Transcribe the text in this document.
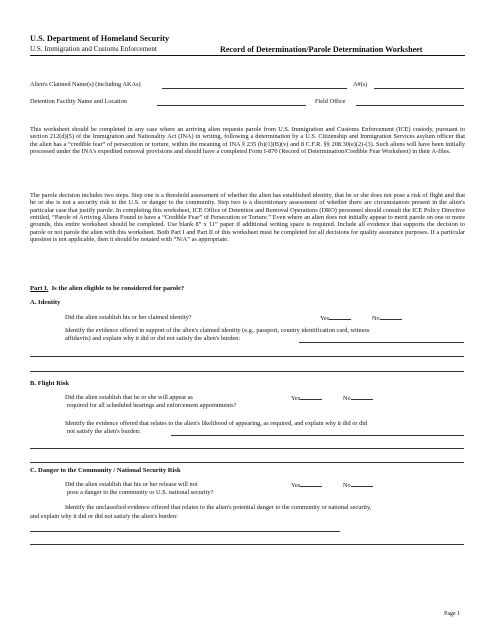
U.S. Department of Homeland Security
U.S. Immigration and Customs Enforcement	Record of Determination/Parole Determination Worksheet
Alien's Claimed Name(s) (including AKAs)	A#(s)
Detention Facility Name and Location	Field Office
This worksheet should be completed in any case where an arriving alien requests parole from U.S. Immigration and Customs Enforcement (ICE) custody, pursuant to section 212(d)(5) of the Immigration and Nationality Act (INA) in writing, following a determination by a U.S. Citizenship and Immigration Services asylum officer that the alien has a “credible fear” of persecution or torture, within the meaning of INA § 235 (b)(1)(B)(v) and 8 C.F.R. §§ 208.30(e)(2)-(3). Such aliens will have been initially processed under the INA's expedited removal provisions and should have a completed Form I-870 (Record of Determination/Credible Fear Worksheet) in their A-files.
The parole decision includes two steps. Step one is a threshold assessment of whether the alien has established identity, that he or she does not pose a risk of flight and that he or she is not a security risk to the U.S. or danger to the community. Step two is a discretionary assessment of whether there are circumstances present in the alien's particular case that justify parole. In completing this worksheet, ICE Office of Detention and Removal Operations (DRO) personnel should consult the ICE Policy Directive entitled, “Parole of Arriving Aliens Found to have a “Credible Fear” of Persecution or Torture.” Even where an alien does not initially appear to merit parole on one or more grounds, this entire worksheet should be completed. Use blank 8” x 11” paper if additional writing space is required. Include all evidence that supports the decision to parole or not parole the alien with this worksheet. Both Part I and Part II of this worksheet must be completed for all decisions for quality assurance purposes. If a particular question is not applicable, then it should be notated with “N/A” as appropriate.
Part I. Is the alien eligible to be considered for parole?
A. Identity
Did the alien establish his or her claimed identity?	Yes	No
Identify the evidence offered in support of the alien's claimed identity (e.g., passport, country identification card, witness
affidavits) and explain why it did or did not satisfy the alien's burden:
B. Flight Risk
Did the alien establish that he or she will appear as
required for all scheduled hearings and enforcement appointments?
Yes	No
Identify the evidence offered that relates to the alien's likelihood of appearing, as required, and explain why it did or did
not satisfy the alien's burden:
C. Danger to the Community / National Security Risk
Did the alien establish that his or her release will not
pose a danger to the community or U.S. national security?
Yes	No
Identify the unclassified evidence offered that relates to the alien's potential danger to the community or national security,
and explain why it did or did not satisfy the alien's burden:
Page 1
